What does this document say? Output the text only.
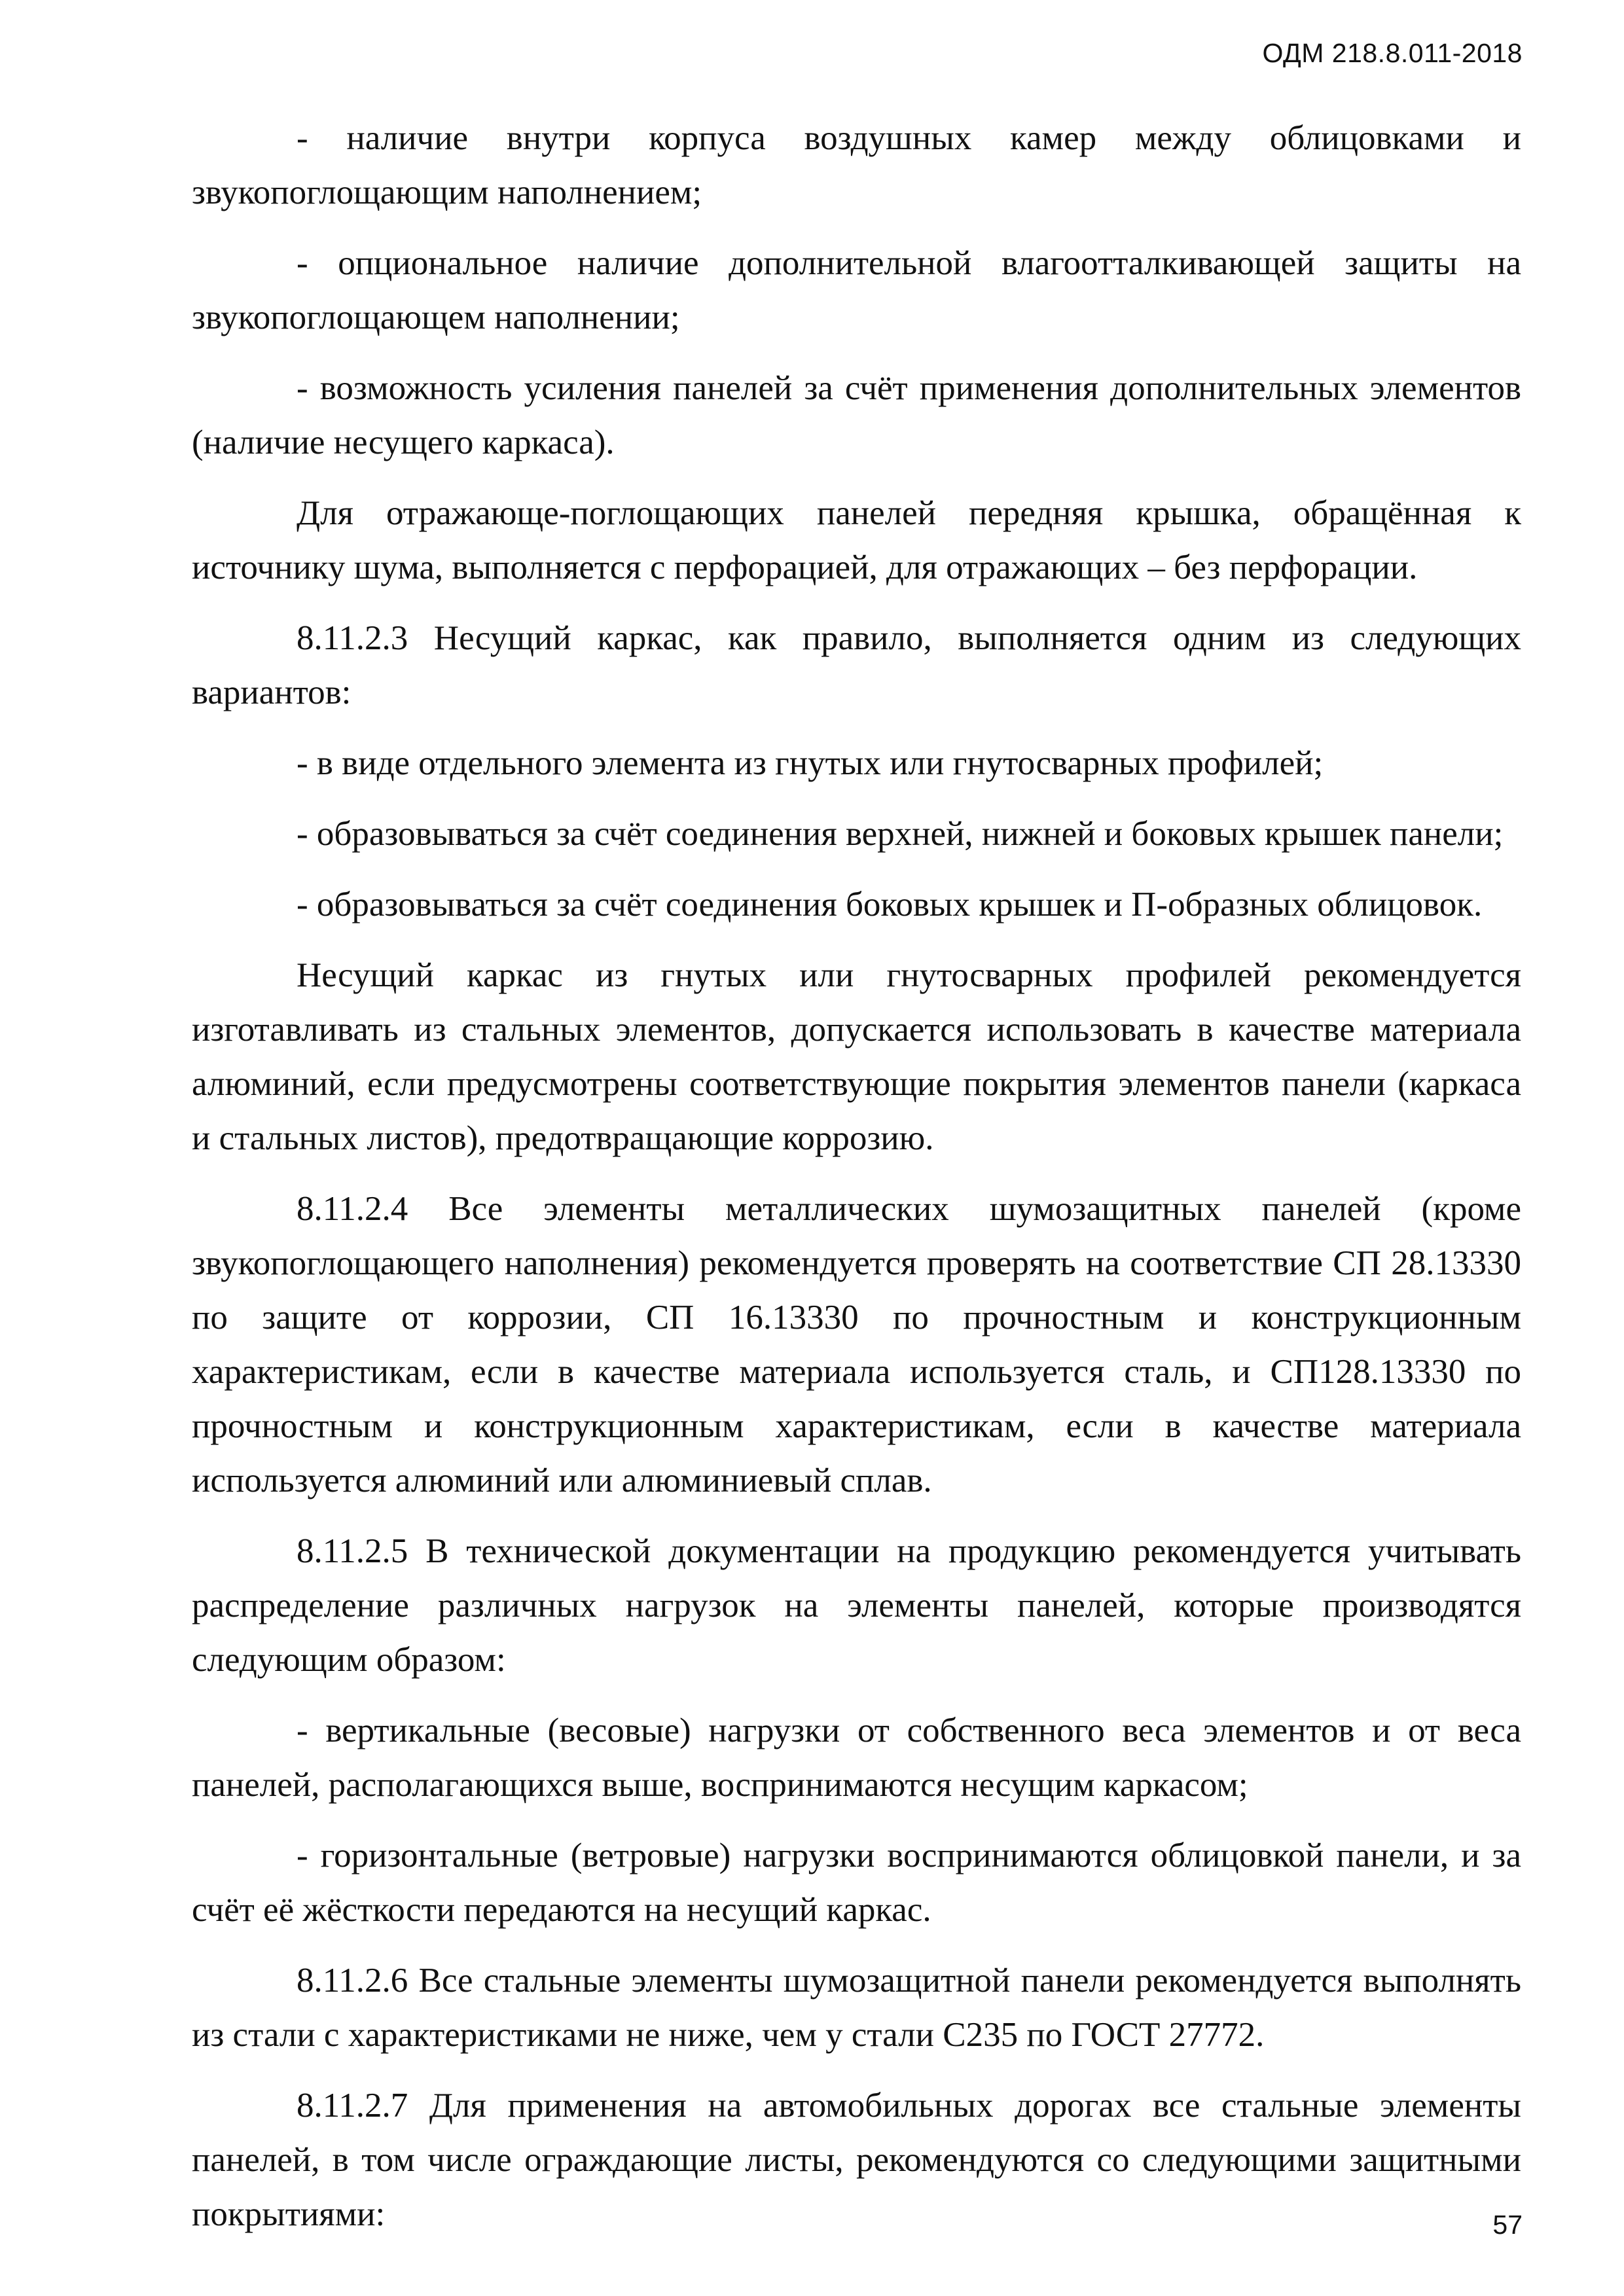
ОДМ 218.8.011-2018

- наличие внутри корпуса воздушных камер между облицовками и звукопоглощающим наполнением;

- опциональное наличие дополнительной влагоотталкивающей защиты на звукопоглощающем наполнении;

- возможность усиления панелей за счёт применения дополнительных элементов (наличие несущего каркаса).

Для отражающе-поглощающих панелей передняя крышка, обращённая к источнику шума, выполняется с перфорацией, для отражающих – без перфорации.

8.11.2.3 Несущий каркас, как правило, выполняется одним из следующих вариантов:

- в виде отдельного элемента из гнутых или гнутосварных профилей;

- образовываться за счёт соединения верхней, нижней и боковых крышек панели;

- образовываться за счёт соединения боковых крышек и П-образных облицовок.

Несущий каркас из гнутых или гнутосварных профилей рекомендуется изготавливать из стальных элементов, допускается использовать в качестве материала алюминий, если предусмотрены соответствующие покрытия элементов панели (каркаса и стальных листов), предотвращающие коррозию.

8.11.2.4 Все элементы металлических шумозащитных панелей (кроме звукопоглощающего наполнения) рекомендуется проверять на соответствие СП 28.13330 по защите от коррозии, СП 16.13330 по прочностным и конструкционным характеристикам, если в качестве материала используется сталь, и СП128.13330 по прочностным и конструкционным характеристикам, если в качестве материала используется алюминий или алюминиевый сплав.

8.11.2.5 В технической документации на продукцию рекомендуется учитывать распределение различных нагрузок на элементы панелей, которые производятся следующим образом:

- вертикальные (весовые) нагрузки от собственного веса элементов и от веса панелей, располагающихся выше, воспринимаются несущим каркасом;

- горизонтальные (ветровые) нагрузки воспринимаются облицовкой панели, и за счёт её жёсткости передаются на несущий каркас.

8.11.2.6 Все стальные элементы шумозащитной панели рекомендуется выполнять из стали с характеристиками не ниже, чем у стали С235 по ГОСТ 27772.

8.11.2.7 Для применения на автомобильных дорогах все стальные элементы панелей, в том числе ограждающие листы, рекомендуются со следующими защитными покрытиями:	57
